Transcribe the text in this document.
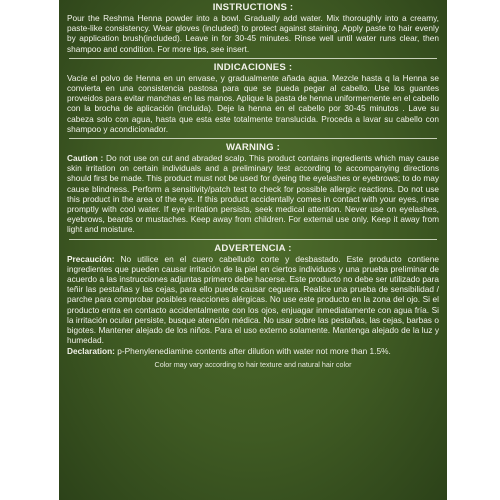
INSTRUCTIONS :

Pour the Reshma Henna powder into a bowl. Gradually add water. Mix thoroughly into a creamy, paste-like consistency. Wear gloves (included) to protect against staining. Apply paste to hair evenly by application brush(included). Leave in for 30-45 minutes. Rinse well until water runs clear, then shampoo and condition. For more tips, see insert.

INDICACIONES :

Vacíe el polvo de Henna en un envase, y gradualmente añada agua. Mezcle hasta q la Henna se convierta en una consistencia pastosa para que se pueda pegar al cabello. Use los guantes proveidos para evitar manchas en las manos. Aplique la pasta de henna uniformemente en el cabello con la brocha de aplicación (incluida). Deje la henna en el cabello por 30-45 minutos . Lave su cabeza solo con agua, hasta que esta este totalmente translucida. Proceda a lavar su cabello con shampoo y acondicionador.

WARNING :

Caution : Do not use on cut and abraded scalp. This product contains ingredients which may cause skin irritation on certain individuals and a preliminary test according to accompanying directions should first be made. This product must not be used for dyeing the eyelashes or eyebrows; to do may cause blindness. Perform a sensitivity/patch test to check for possible allergic reactions. Do not use this product in the area of the eye. If this product accidentally comes in contact with your eyes, rinse promptly with cool water. If eye irritation persists, seek medical attention. Never use on eyelashes, eyebrows, beards or mustaches. Keep away from children. For external use only. Keep it away from light and moisture.

ADVERTENCIA :

Precaución: No utilice en el cuero cabelludo corte y desbastado. Este producto contiene ingredientes que pueden causar irritación de la piel en ciertos individuos y una prueba preliminar de acuerdo a las instrucciones adjuntas primero debe hacerse. Este producto no debe ser utilizado para teñir las pestañas y las cejas, para ello puede causar ceguera. Realice una prueba de sensibilidad / parche para comprobar posibles reacciones alérgicas. No use este producto en la zona del ojo. Si el producto entra en contacto accidentalmente con los ojos, enjuagar inmediatamente con agua fría. Si la irritación ocular persiste, busque atención médica. No usar sobre las pestañas, las cejas, barbas o bigotes. Mantener alejado de los niños. Para el uso externo solamente. Mantenga alejado de la luz y humedad.

Declaration: p-Phenylenediamine contents after dilution with water not more than 1.5%.

Color may vary according to hair texture and natural hair color
